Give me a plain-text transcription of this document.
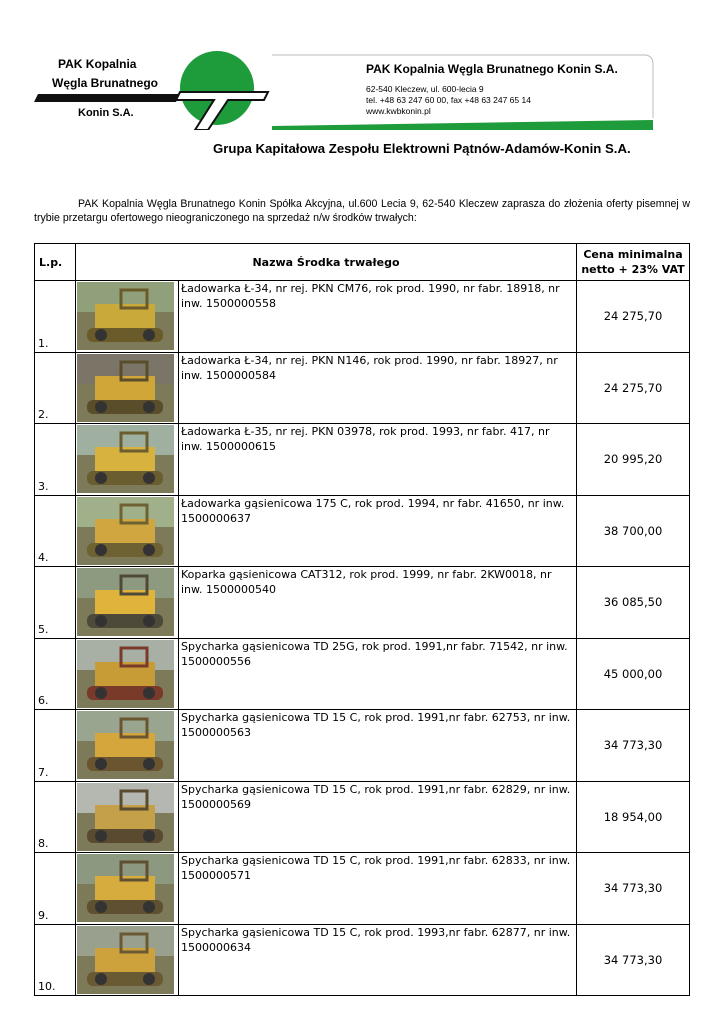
PAK Kopalnia
Węgla Brunatnego
Konin S.A.
PAK Kopalnia Węgla Brunatnego Konin S.A.
62-540 Kleczew, ul. 600-lecia 9
tel. +48 63 247 60 00, fax +48 63 247 65 14
www.kwbkonin.pl
Grupa Kapitałowa Zespołu Elektrowni Pątnów-Adamów-Konin S.A.
PAK Kopalnia Węgla Brunatnego Konin Spółka Akcyjna, ul.600 Lecia 9, 62-540 Kleczew zaprasza do złożenia oferty pisemnej w trybie przetargu ofertowego nieograniczonego na sprzedaż n/w środków trwałych:
L.p.	Nazwa Środka trwałego		Cena minimalna
netto + 23% VAT
1.		Ładowarka Ł-34, nr rej. PKN CM76, rok prod. 1990, nr fabr. 18918, nr inw. 1500000558	24 275,70
2.		Ładowarka Ł-34, nr rej. PKN N146, rok prod. 1990, nr fabr. 18927, nr inw. 1500000584	24 275,70
3.		Ładowarka Ł-35, nr rej. PKN 03978, rok prod. 1993, nr fabr. 417, nr inw. 1500000615	20 995,20
4.		Ładowarka gąsienicowa 175 C, rok prod. 1994, nr fabr. 41650, nr inw. 1500000637	38 700,00
5.		Koparka gąsienicowa CAT312, rok prod. 1999, nr fabr. 2KW0018, nr inw. 1500000540	36 085,50
6.		Spycharka gąsienicowa TD 25G, rok prod. 1991,nr fabr. 71542, nr inw. 1500000556	45 000,00
7.		Spycharka gąsienicowa TD 15 C, rok prod. 1991,nr fabr. 62753, nr inw. 1500000563	34 773,30
8.		Spycharka gąsienicowa TD 15 C, rok prod. 1991,nr fabr. 62829, nr inw. 1500000569	18 954,00
9.		Spycharka gąsienicowa TD 15 C, rok prod. 1991,nr fabr. 62833, nr inw. 1500000571	34 773,30
10.		Spycharka gąsienicowa TD 15 C, rok prod. 1993,nr fabr. 62877, nr inw. 1500000634	34 773,30
